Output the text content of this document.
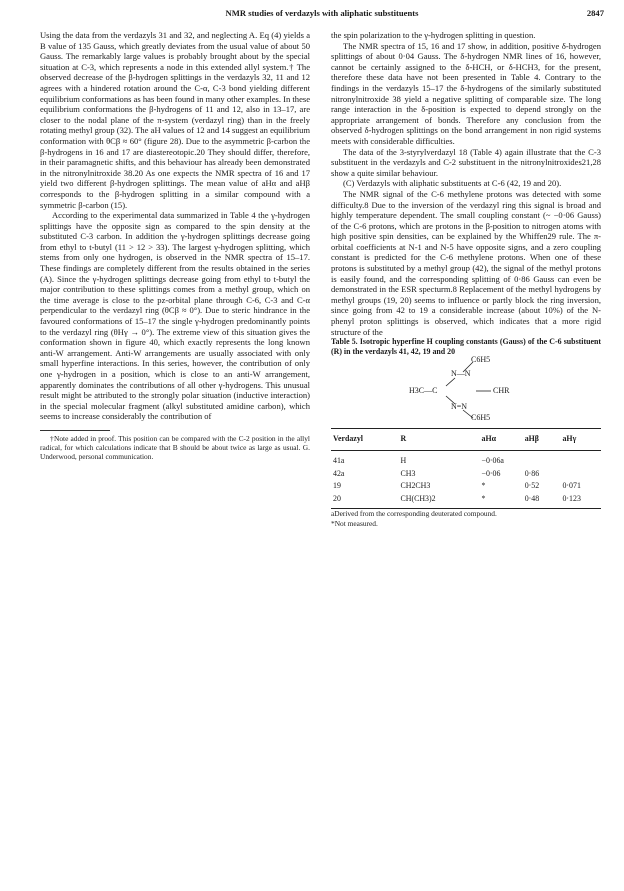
NMR studies of verdazyls with aliphatic substituents	2847

Using the data from the verdazyls 31 and 32, and neglecting A. Eq (4) yields a B value of 135 Gauss, which greatly deviates from the usual value of about 50 Gauss. The remarkably large values is probably brought about by the special situation at C-3, which represents a node in this extended allyl system.† The observed decrease of the β-hydrogen splittings in the verdazyls 32, 11 and 12 agrees with a hindered rotation around the C-α, C-3 bond yielding different equilibrium conformations as has been found in many other examples. In these equilibrium conformations the β-hydrogens of 11 and 12, also in 13–17, are closer to the nodal plane of the π-system (verdazyl ring) than in the freely rotating methyl group (32). The aH values of 12 and 14 suggest an equilibrium conformation with θCβ ≈ 60° (figure 28). Due to the asymmetric β-carbon the β-hydrogens in 16 and 17 are diastereotopic.20 They should differ, therefore, in their paramagnetic shifts, and this behaviour has already been demonstrated in the nitronylnitroxide 38.20 As one expects the NMR spectra of 16 and 17 yield two different β-hydrogen splittings. The mean value of aHα and aHβ corresponds to the β-hydrogen splitting in a similar compound with a symmetric β-carbon (15).

According to the experimental data summarized in Table 4 the γ-hydrogen splittings have the opposite sign as compared to the spin density at the substituted C-3 carbon. In addition the γ-hydrogen splittings decrease going from ethyl to t-butyl (11 > 12 > 33). The largest γ-hydrogen splitting, which stems from only one hydrogen, is observed in the NMR spectra of 15–17. These findings are completely different from the results obtained in the series (A). Since the γ-hydrogen splittings decrease going from ethyl to t-butyl the major contribution to these splittings comes from a methyl group, which on the time average is close to the pz-orbital plane through C-6, C-3 and C-α perpendicular to the verdazyl ring (θCβ ≈ 0°). Due to steric hindrance in the favoured conformations of 15–17 the single γ-hydrogen predominantly points to the verdazyl ring (θHγ → 0°). The extreme view of this situation gives the conformation shown in figure 40, which exactly represents the long known anti-W arrangement. Anti-W arrangements are usually associated with only small hyperfine interactions. In this series, however, the contribution of only one γ-hydrogen in a position, which is close to an anti-W arrangement, apparently dominates the contributions of all other γ-hydrogens. This unusual result might be attributed to the strongly polar situation (inductive interaction) in the special molecular fragment (alkyl substituted amidine carbon), which seems to increase considerably the contribution of

†Note added in proof. This position can be compared with the C-2 position in the allyl radical, for which calculations indicate that B should be about twice as large as usual. G. Underwood, personal communication.

the spin polarization to the γ-hydrogen splitting in question.

The NMR spectra of 15, 16 and 17 show, in addition, positive δ-hydrogen splittings of about 0·04 Gauss. The δ-hydrogen NMR lines of 16, however, cannot be certainly assigned to the δ-HCH, or δ-HCH3, for the present, therefore these data have not been presented in Table 4. Contrary to the findings in the verdazyls 15–17 the δ-hydrogens of the similarly substituted nitronylnitroxide 38 yield a negative splitting of comparable size. The long range interaction in the δ-position is expected to depend strongly on the appropriate arrangement of bonds. Therefore any conclusion from the observed δ-hydrogen splittings on the bond arrangement in non rigid systems meets with considerable difficulties.

The data of the 3-styrylverdazyl 18 (Table 4) again illustrate that the C-3 substituent in the verdazyls and C-2 substituent in the nitronylnitroxides21,28 show a quite similar behaviour.

(C) Verdazyls with aliphatic substituents at C-6 (42, 19 and 20).

The NMR signal of the C-6 methylene protons was detected with some difficulty.8 Due to the inversion of the verdazyl ring this signal is broad and highly temperature dependent. The small coupling constant (~ −0·06 Gauss) of the C-6 protons, which are protons in the β-position to nitrogen atoms with high positive spin densities, can be explained by the Whiffen29 rule. The π-orbital coefficients at N-1 and N-5 have opposite signs, and a zero coupling constant is predicted for the C-6 methylene protons. When one of these protons is substituted by a methyl group (42), the signal of the methyl protons is easily found, and the corresponding splitting of 0·86 Gauss can even be demonstrated in the ESR specturm.8 Replacement of the methyl hydrogens by methyl groups (19, 20) seems to influence or partly block the ring inversion, since going from 42 to 19 a considerable increase (about 10%) of the N-phenyl proton splittings is observed, which indicates that a more rigid structure of the

Table 5. Isotropic hyperfine H coupling constants (Gauss) of the C-6 substituent (R) in the verdazyls 41, 42, 19 and 20

C6H5
N—N
H3C—C	CHR
N=N
C6H5
Verdazyl	R	aHα	aHβ	aHγ
41a	H	−0·06a		
42a	CH3	−0·06	0·86	
19	CH2CH3	*	0·52	0·071
20	CH(CH3)2	*	0·48	0·123

aDerived from the corresponding deuterated compound.

*Not measured.
